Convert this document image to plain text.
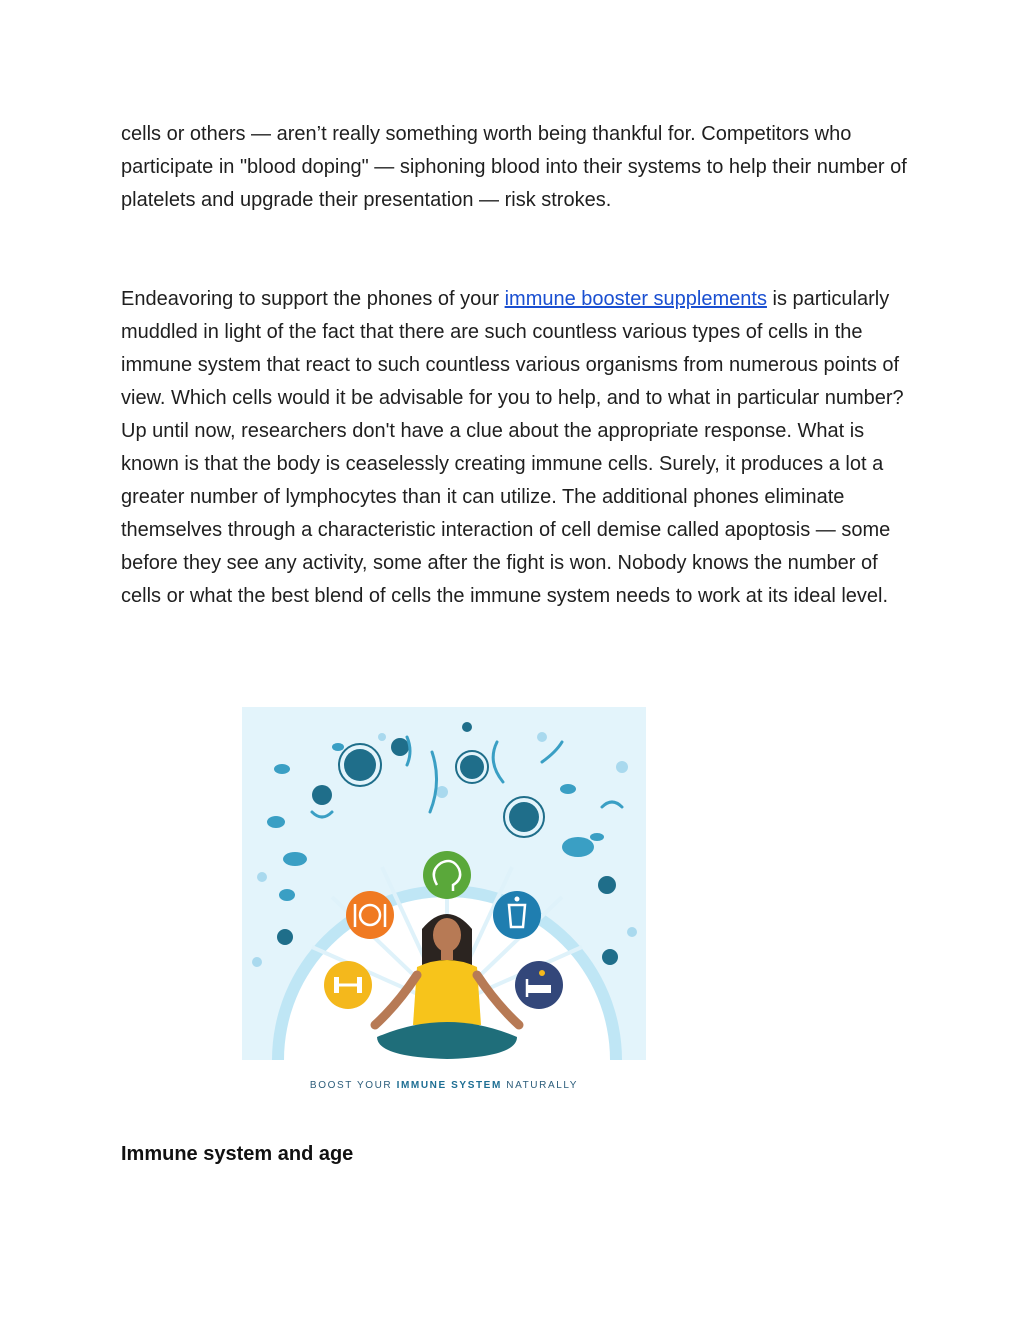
cells or others — aren’t really something worth being thankful for. Competitors who participate in "blood doping" — siphoning blood into their systems to help their number of platelets and upgrade their presentation — risk strokes.

Endeavoring to support the phones of your immune booster supplements is particularly muddled in light of the fact that there are such countless various types of cells in the immune system that react to such countless various organisms from numerous points of view. Which cells would it be advisable for you to help, and to what in particular number? Up until now, researchers don't have a clue about the appropriate response. What is known is that the body is ceaselessly creating immune cells. Surely, it produces a lot a greater number of lymphocytes than it can utilize. The additional phones eliminate themselves through a characteristic interaction of cell demise called apoptosis — some before they see any activity, some after the fight is won. Nobody knows the number of cells or what the best blend of cells the immune system needs to work at its ideal level.

BOOST YOUR IMMUNE SYSTEM NATURALLY
Immune system and age
